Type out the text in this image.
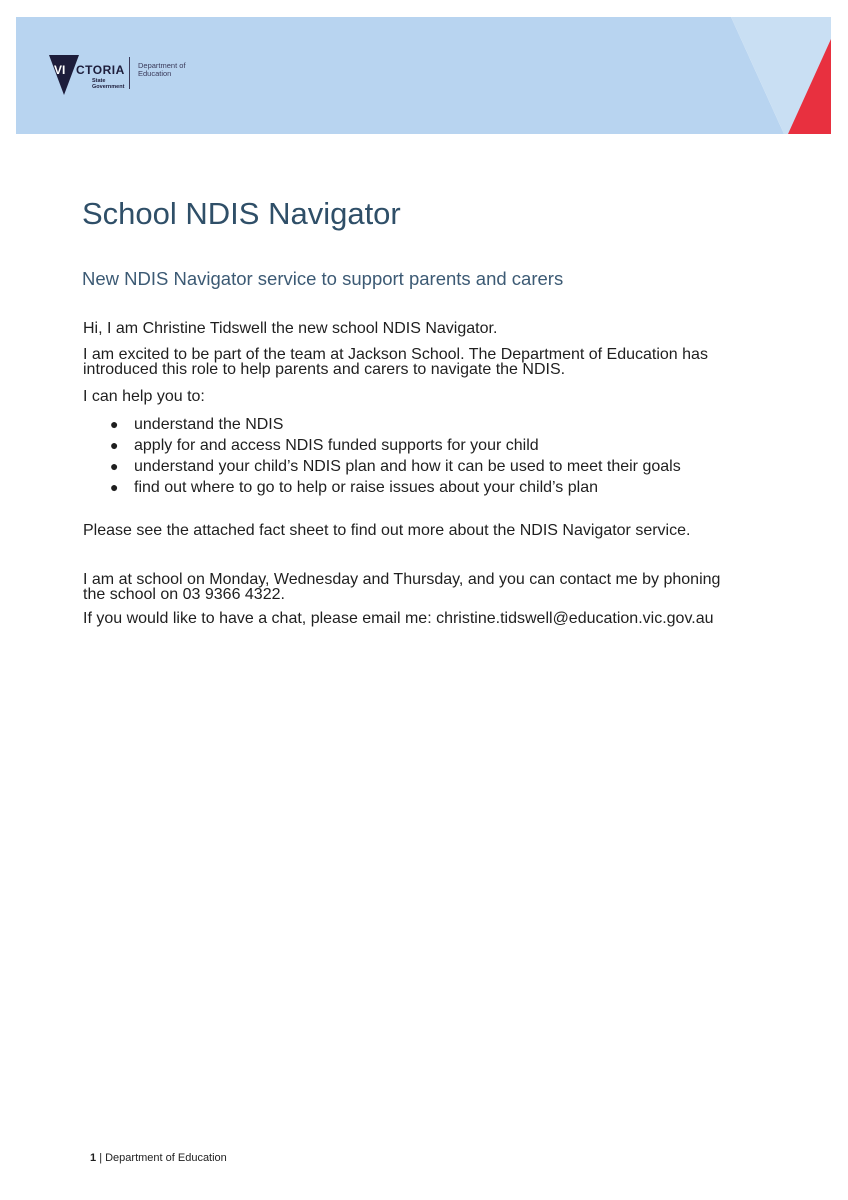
VI CTORIA
State Government
Department of Education
School NDIS Navigator
New NDIS Navigator service to support parents and carers

Hi, I am Christine Tidswell the new school NDIS Navigator.

I am excited to be part of the team at Jackson School. The Department of Education has

introduced this role to help parents and carers to navigate the NDIS.

I can help you to:

● understand the NDIS
● apply for and access NDIS funded supports for your child
● understand your child’s NDIS plan and how it can be used to meet their goals
● find out where to go to help or raise issues about your child’s plan

Please see the attached fact sheet to find out more about the NDIS Navigator service.

I am at school on Monday, Wednesday and Thursday, and you can contact me by phoning

the school on 03 9366 4322.

If you would like to have a chat, please email me: christine.tidswell@education.vic.gov.au

1 | Department of Education
